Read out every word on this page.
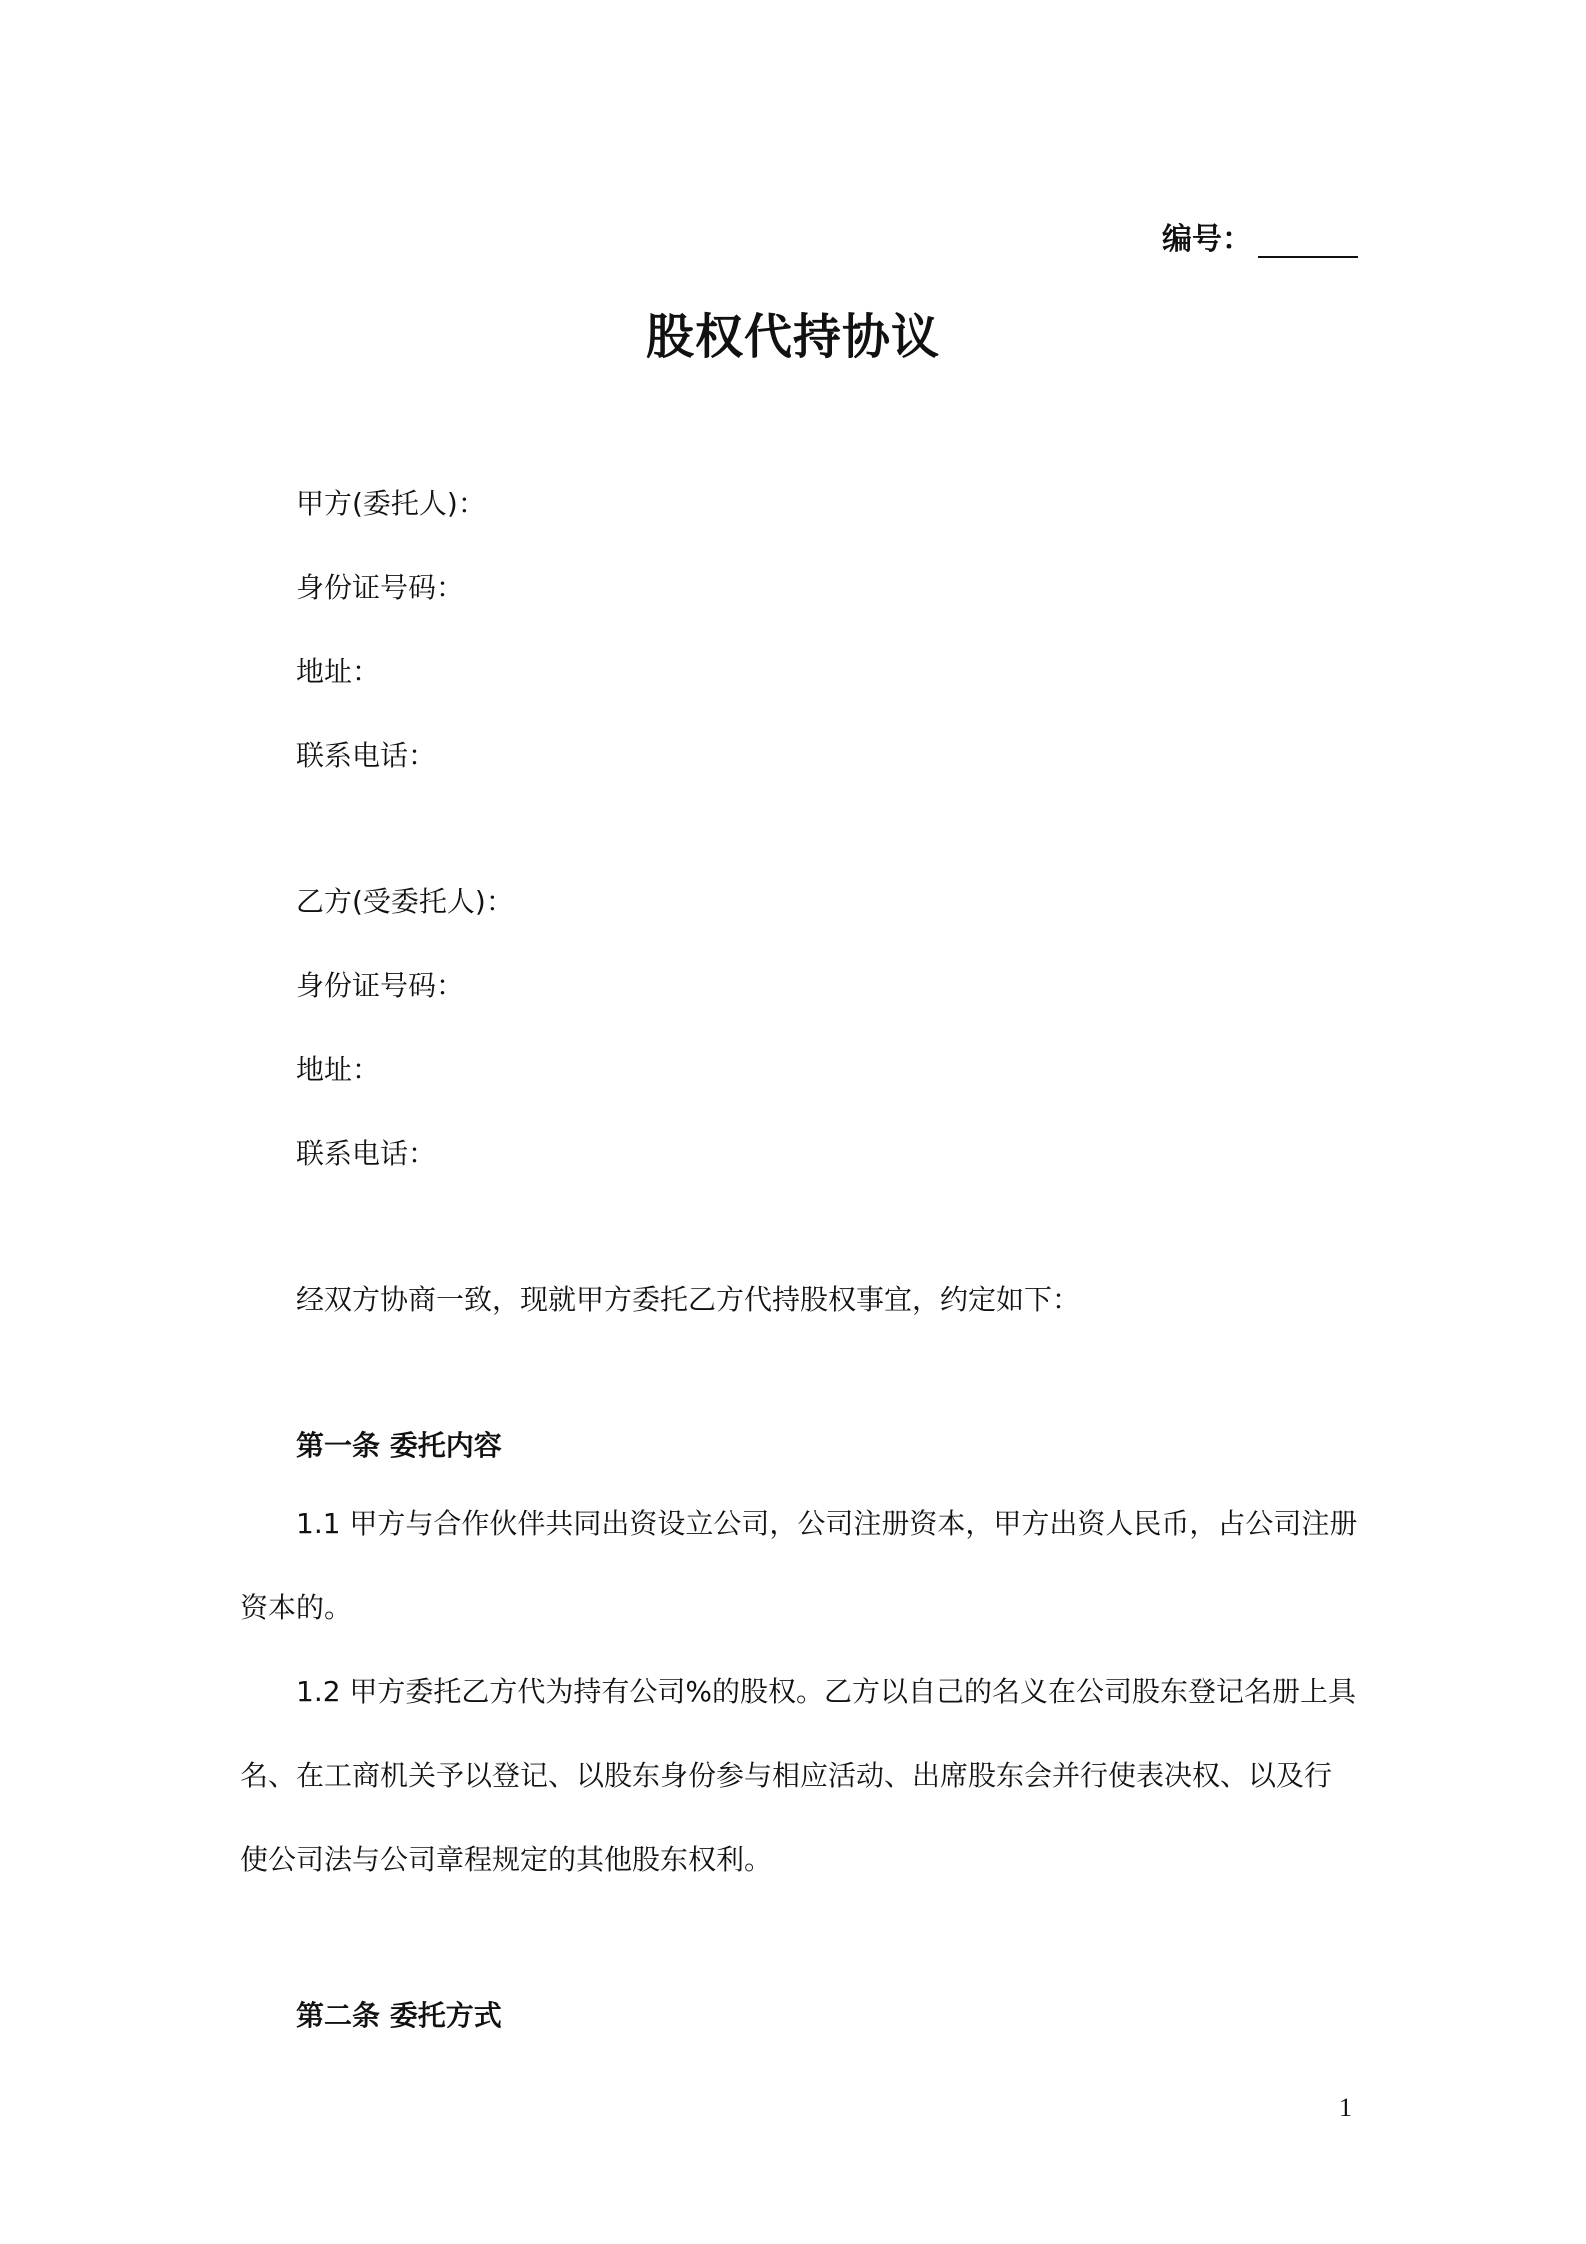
编号：
股权代持协议
甲方(委托人)：
身份证号码：
地址：
联系电话：
乙方(受委托人)：
身份证号码：
地址：
联系电话：
经双方协商一致，现就甲方委托乙方代持股权事宜，约定如下：
第一条 委托内容

1.1 甲方与合作伙伴共同出资设立公司，公司注册资本，甲方出资人民币，占公司注册资本的。

1.2 甲方委托乙方代为持有公司%的股权。乙方以自己的名义在公司股东登记名册上具名、在工商机关予以登记、以股东身份参与相应活动、出席股东会并行使表决权、以及行使公司法与公司章程规定的其他股东权利。

第二条 委托方式
1
